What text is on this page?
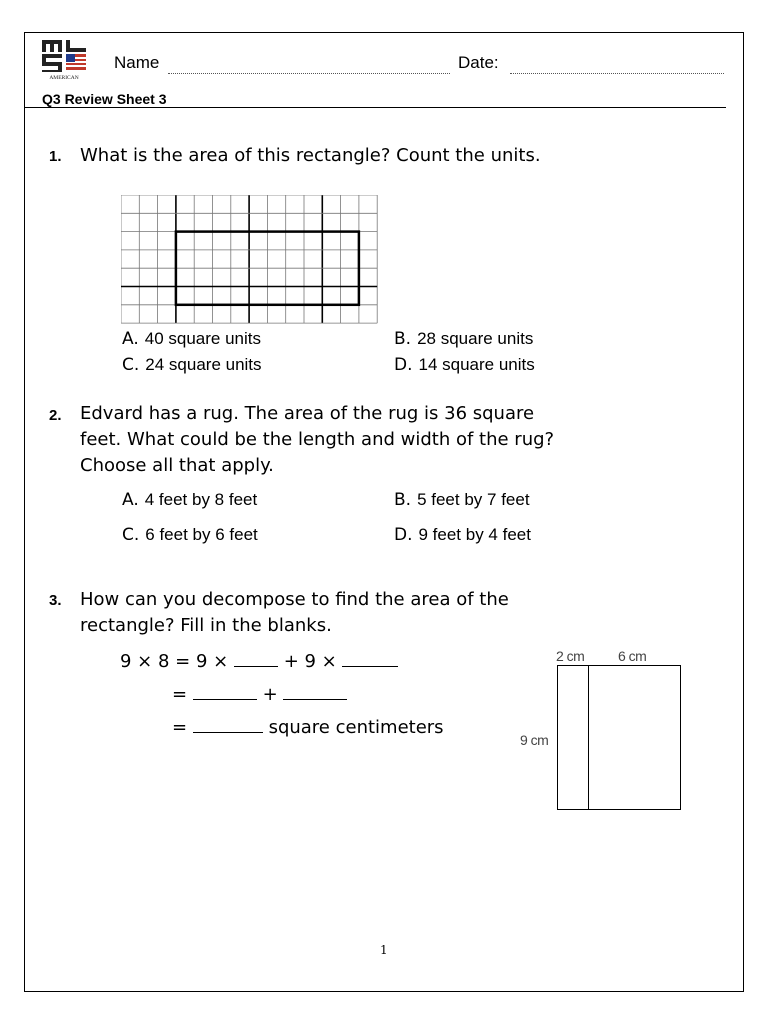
AMERICAN
Name	Date:
Q3 Review Sheet 3
1. What is the area of this rectangle? Count the units.
A. 40 square units	B. 28 square units
C. 24 square units	D. 14 square units
2. Edvard has a rug. The area of the rug is 36 square
feet. What could be the length and width of the rug?
Choose all that apply.
A. 4 feet by 8 feet	B. 5 feet by 7 feet
C. 6 feet by 6 feet	D. 9 feet by 4 feet
3. How can you decompose to find the area of the
rectangle? Fill in the blanks.
9 × 8 = 9 ×	+ 9 ×
=	+
=	square centimeters
2 cm 6 cm
9 cm
1
